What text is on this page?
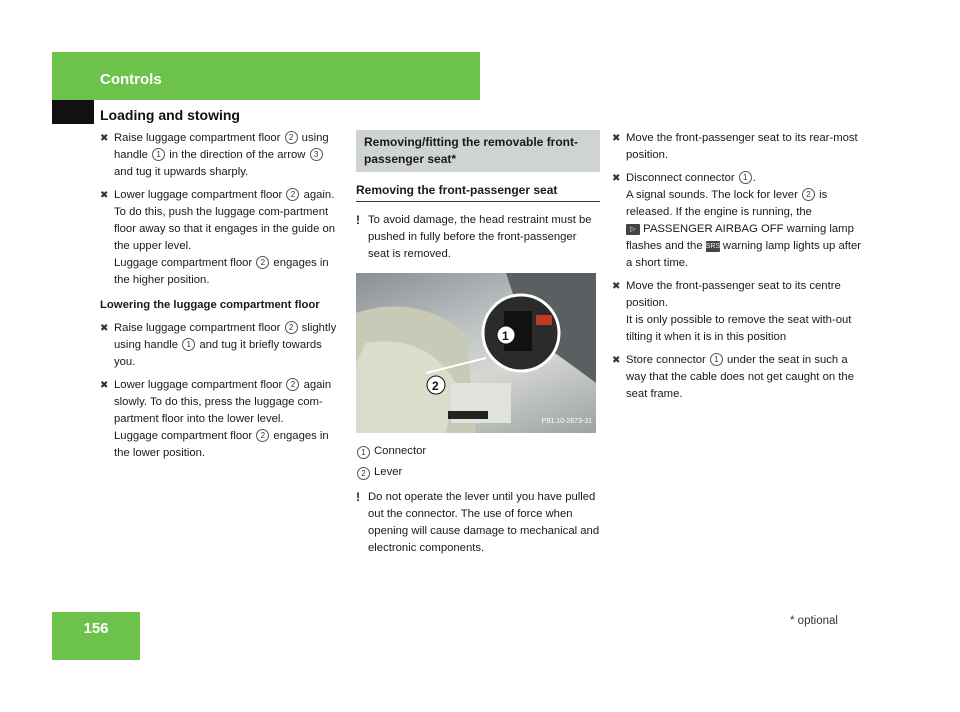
Controls
Loading and stowing
✖ Raise luggage compartment floor 2 using handle 1 in the direction of the arrow 3 and tug it upwards sharply.

✖ Lower luggage compartment floor 2 again. To do this, push the luggage com-partment floor away so that it engages in the guide on the upper level.
Luggage compartment floor 2 engages in the higher position.

Lowering the luggage compartment floor
✖ Raise luggage compartment floor 2 slightly using handle 1 and tug it briefly towards you.

✖ Lower luggage compartment floor 2 again slowly. To do this, press the luggage com-partment floor into the lower level.
Luggage compartment floor 2 engages in the lower position.

Removing/fitting the removable front-passenger seat*
Removing the front-passenger seat
! To avoid damage, the head restraint must be pushed in fully before the front-passenger seat is removed.

1
2
P91.10-2673-31
1 Connector
2 Lever
! Do not operate the lever until you have pulled out the connector. The use of force when opening will cause damage to mechanical and electronic components.

✖ Move the front-passenger seat to its rear-most position.

✖ Disconnect connector 1 .
A signal sounds. The lock for lever 2 is released. If the engine is running, the
▷ PASSENGER AIRBAG OFF warning lamp flashes and the SRS warning lamp lights up after a short time.

✖ Move the front-passenger seat to its centre position.
It is only possible to remove the seat with-out tilting it when it is in this position

✖ Store connector 1 under the seat in such a way that the cable does not get caught on the seat frame.

156	* optional
